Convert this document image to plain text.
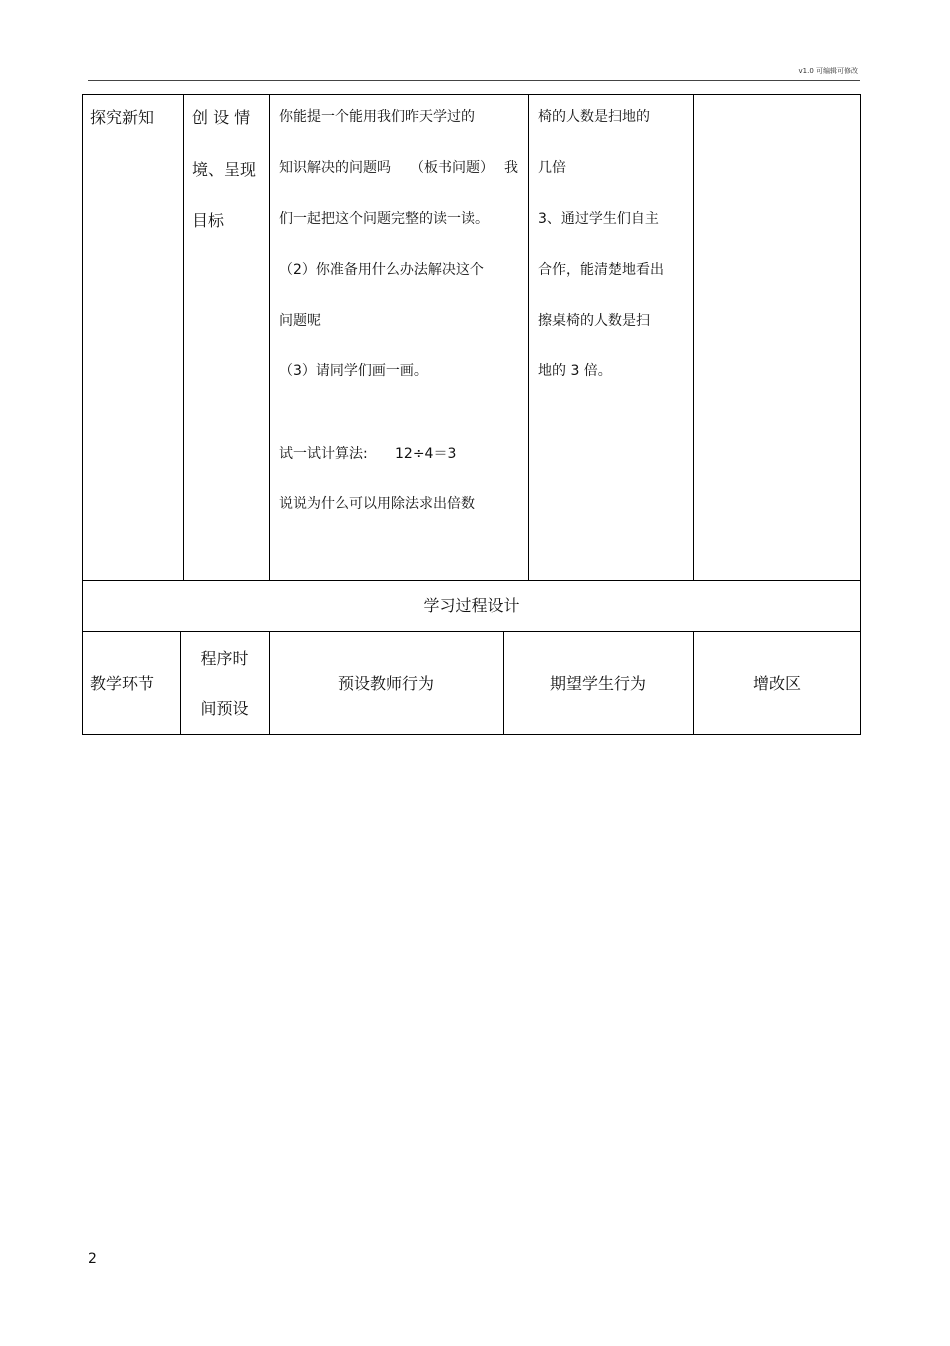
v1.0 可编辑可修改
探究新知 创 设 情
境、呈现
目标
你能提一个能用我们昨天学过的
知识解决的问题吗 （板书问题） 我
们一起把这个问题完整的读一读。
（2）你准备用什么办法解决这个
问题呢
（3）请同学们画一画。
试一试计算法: 12÷4＝3
说说为什么可以用除法求出倍数
椅的人数是扫地的
几倍
3、通过学生们自主
合作，能清楚地看出
擦桌椅的人数是扫
地的 3 倍。
学习过程设计
教学环节
程序时
间预设
预设教师行为	期望学生行为	增改区
2
